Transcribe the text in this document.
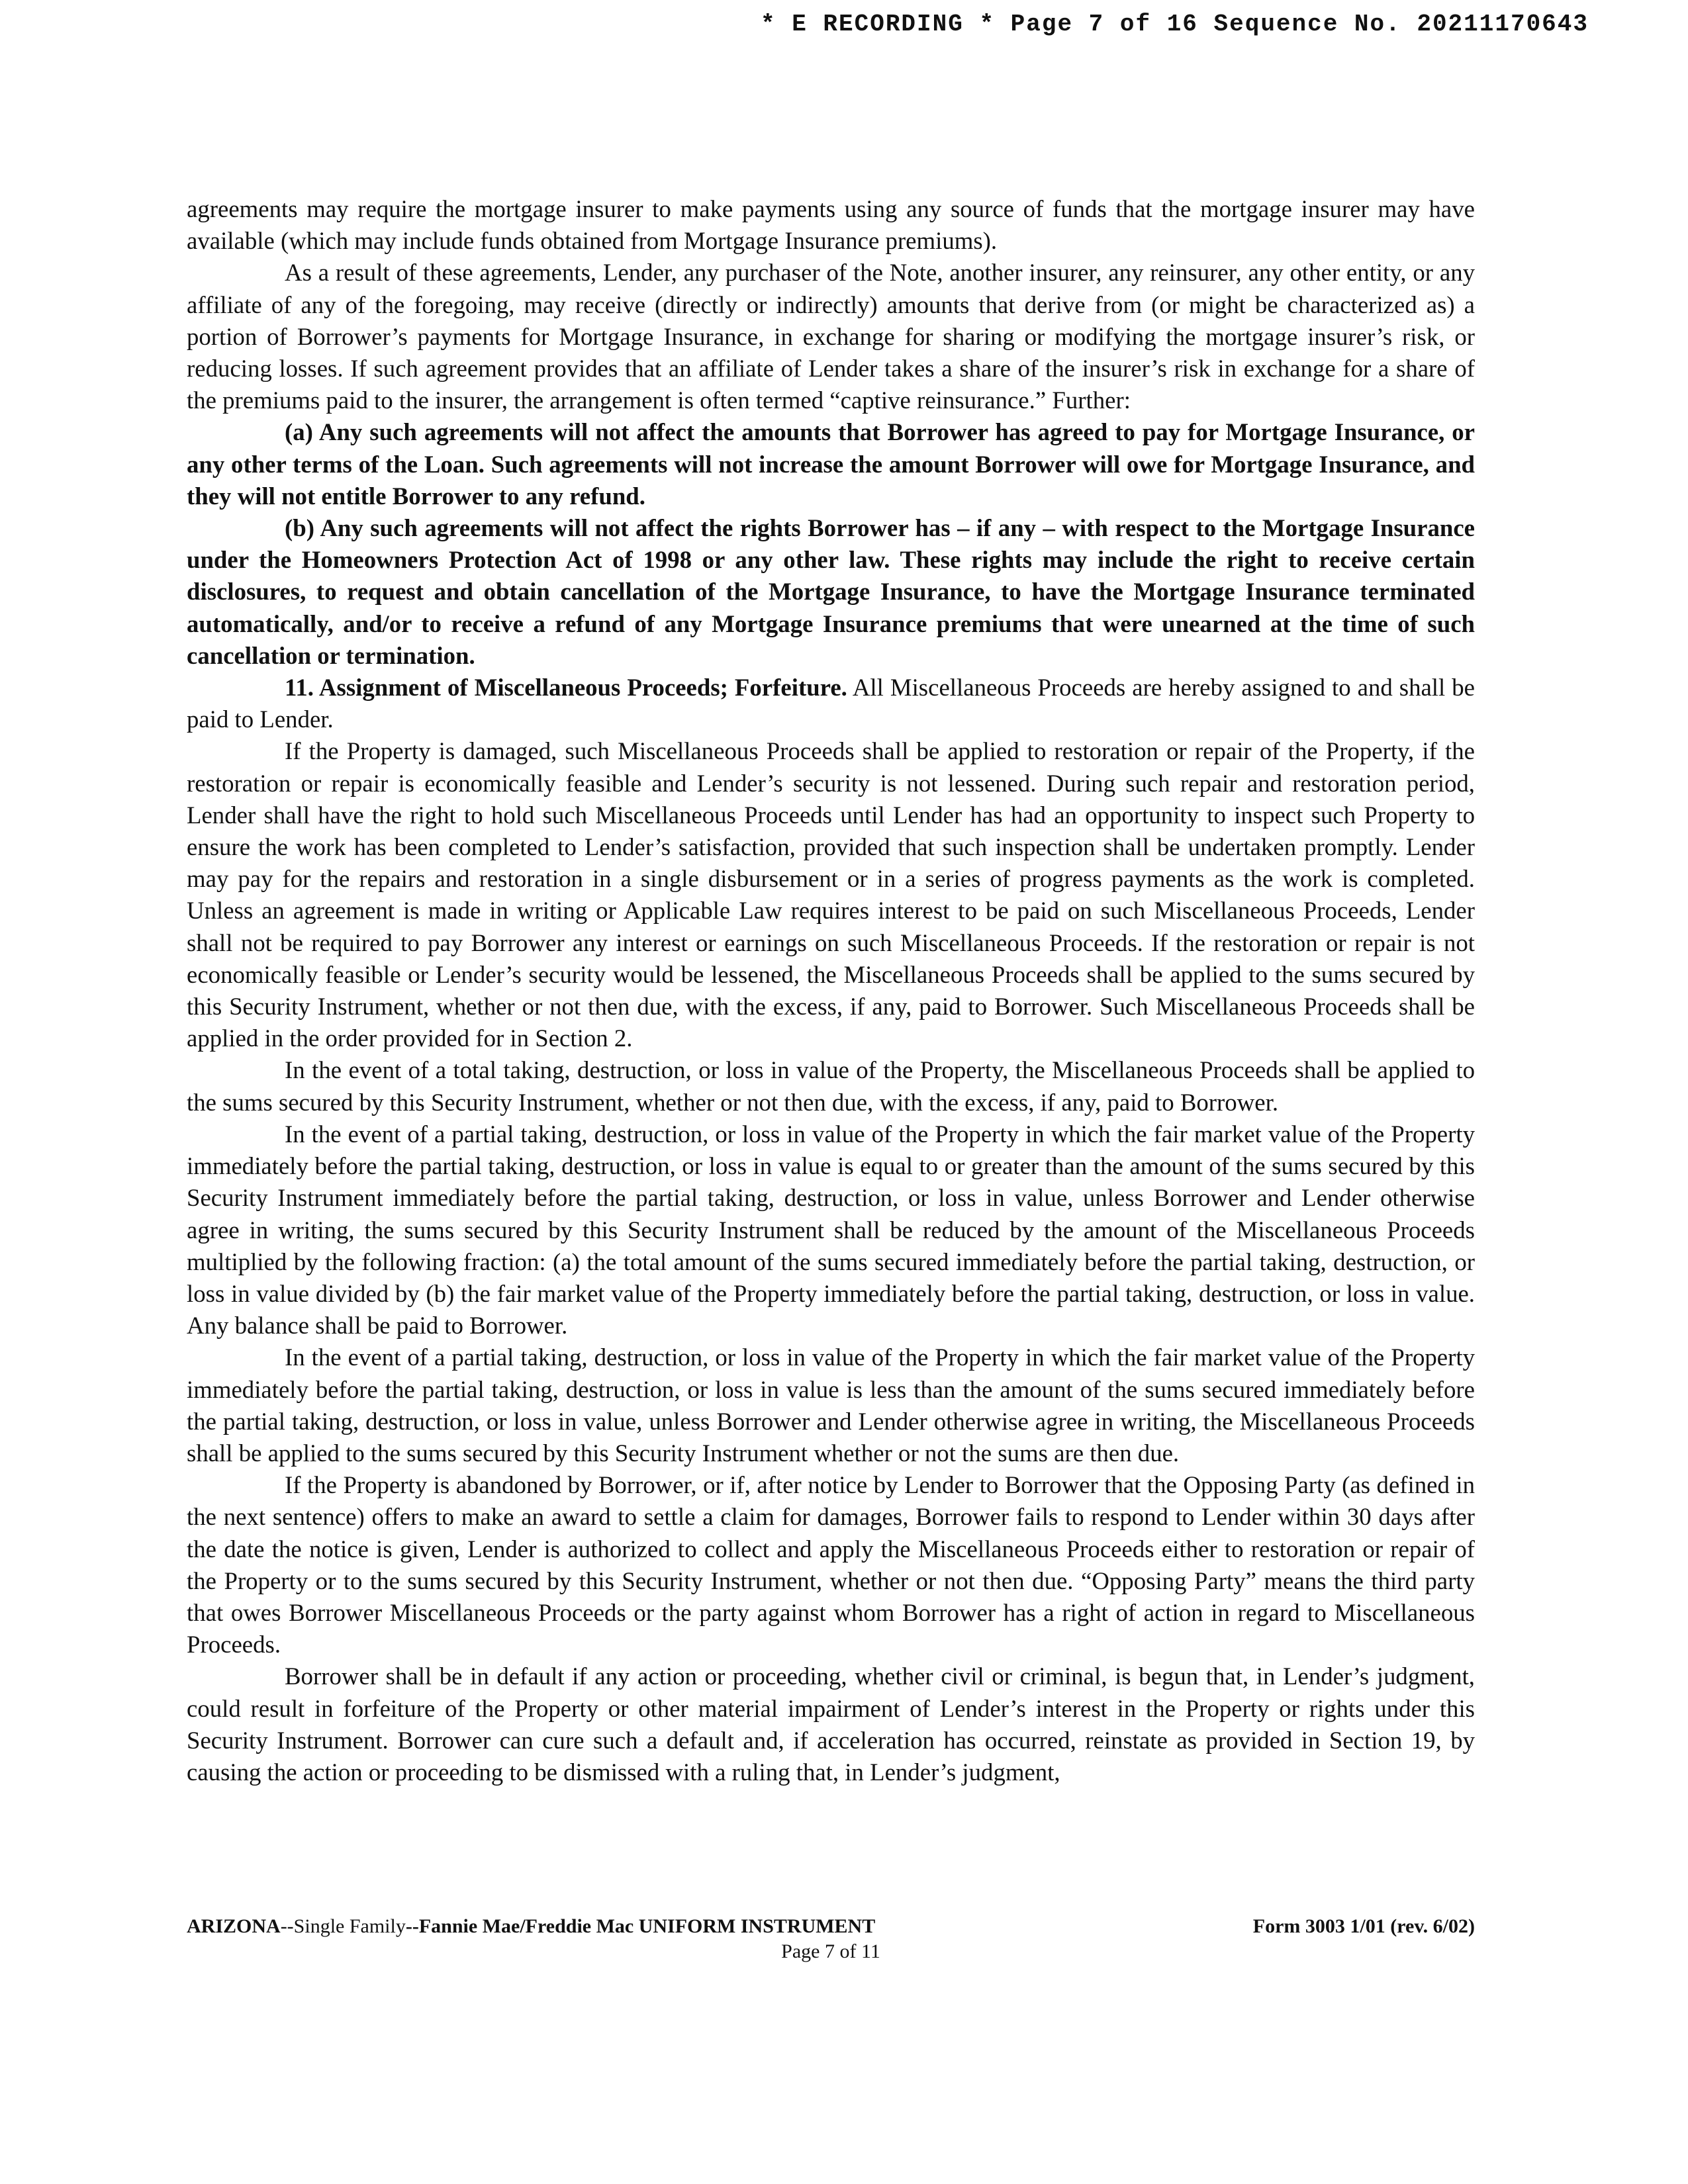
* E RECORDING * Page 7 of 16 Sequence No. 20211170643

agreements may require the mortgage insurer to make payments using any source of funds that the mortgage insurer may have available (which may include funds obtained from Mortgage Insurance premiums).

As a result of these agreements, Lender, any purchaser of the Note, another insurer, any reinsurer, any other entity, or any affiliate of any of the foregoing, may receive (directly or indirectly) amounts that derive from (or might be characterized as) a portion of Borrower’s payments for Mortgage Insurance, in exchange for sharing or modifying the mortgage insurer’s risk, or reducing losses. If such agreement provides that an affiliate of Lender takes a share of the insurer’s risk in exchange for a share of the premiums paid to the insurer, the arrangement is often termed “captive reinsurance.” Further:

(a) Any such agreements will not affect the amounts that Borrower has agreed to pay for Mortgage Insurance, or any other terms of the Loan. Such agreements will not increase the amount Borrower will owe for Mortgage Insurance, and they will not entitle Borrower to any refund.

(b) Any such agreements will not affect the rights Borrower has – if any – with respect to the Mortgage Insurance under the Homeowners Protection Act of 1998 or any other law. These rights may include the right to receive certain disclosures, to request and obtain cancellation of the Mortgage Insurance, to have the Mortgage Insurance terminated automatically, and/or to receive a refund of any Mortgage Insurance premiums that were unearned at the time of such cancellation or termination.

11. Assignment of Miscellaneous Proceeds; Forfeiture. All Miscellaneous Proceeds are hereby assigned to and shall be paid to Lender.

If the Property is damaged, such Miscellaneous Proceeds shall be applied to restoration or repair of the Property, if the restoration or repair is economically feasible and Lender’s security is not lessened. During such repair and restoration period, Lender shall have the right to hold such Miscellaneous Proceeds until Lender has had an opportunity to inspect such Property to ensure the work has been completed to Lender’s satisfaction, provided that such inspection shall be undertaken promptly. Lender may pay for the repairs and restoration in a single disbursement or in a series of progress payments as the work is completed. Unless an agreement is made in writing or Applicable Law requires interest to be paid on such Miscellaneous Proceeds, Lender shall not be required to pay Borrower any interest or earnings on such Miscellaneous Proceeds. If the restoration or repair is not economically feasible or Lender’s security would be lessened, the Miscellaneous Proceeds shall be applied to the sums secured by this Security Instrument, whether or not then due, with the excess, if any, paid to Borrower. Such Miscellaneous Proceeds shall be applied in the order provided for in Section 2.

In the event of a total taking, destruction, or loss in value of the Property, the Miscellaneous Proceeds shall be applied to the sums secured by this Security Instrument, whether or not then due, with the excess, if any, paid to Borrower.

In the event of a partial taking, destruction, or loss in value of the Property in which the fair market value of the Property immediately before the partial taking, destruction, or loss in value is equal to or greater than the amount of the sums secured by this Security Instrument immediately before the partial taking, destruction, or loss in value, unless Borrower and Lender otherwise agree in writing, the sums secured by this Security Instrument shall be reduced by the amount of the Miscellaneous Proceeds multiplied by the following fraction: (a) the total amount of the sums secured immediately before the partial taking, destruction, or loss in value divided by (b) the fair market value of the Property immediately before the partial taking, destruction, or loss in value. Any balance shall be paid to Borrower.

In the event of a partial taking, destruction, or loss in value of the Property in which the fair market value of the Property immediately before the partial taking, destruction, or loss in value is less than the amount of the sums secured immediately before the partial taking, destruction, or loss in value, unless Borrower and Lender otherwise agree in writing, the Miscellaneous Proceeds shall be applied to the sums secured by this Security Instrument whether or not the sums are then due.

If the Property is abandoned by Borrower, or if, after notice by Lender to Borrower that the Opposing Party (as defined in the next sentence) offers to make an award to settle a claim for damages, Borrower fails to respond to Lender within 30 days after the date the notice is given, Lender is authorized to collect and apply the Miscellaneous Proceeds either to restoration or repair of the Property or to the sums secured by this Security Instrument, whether or not then due. “Opposing Party” means the third party that owes Borrower Miscellaneous Proceeds or the party against whom Borrower has a right of action in regard to Miscellaneous Proceeds.

Borrower shall be in default if any action or proceeding, whether civil or criminal, is begun that, in Lender’s judgment, could result in forfeiture of the Property or other material impairment of Lender’s interest in the Property or rights under this Security Instrument. Borrower can cure such a default and, if acceleration has occurred, reinstate as provided in Section 19, by causing the action or proceeding to be dismissed with a ruling that, in Lender’s judgment,

ARIZONA--Single Family--Fannie Mae/Freddie Mac UNIFORM INSTRUMENT	Form 3003 1/01 (rev. 6/02)
Page 7 of 11
